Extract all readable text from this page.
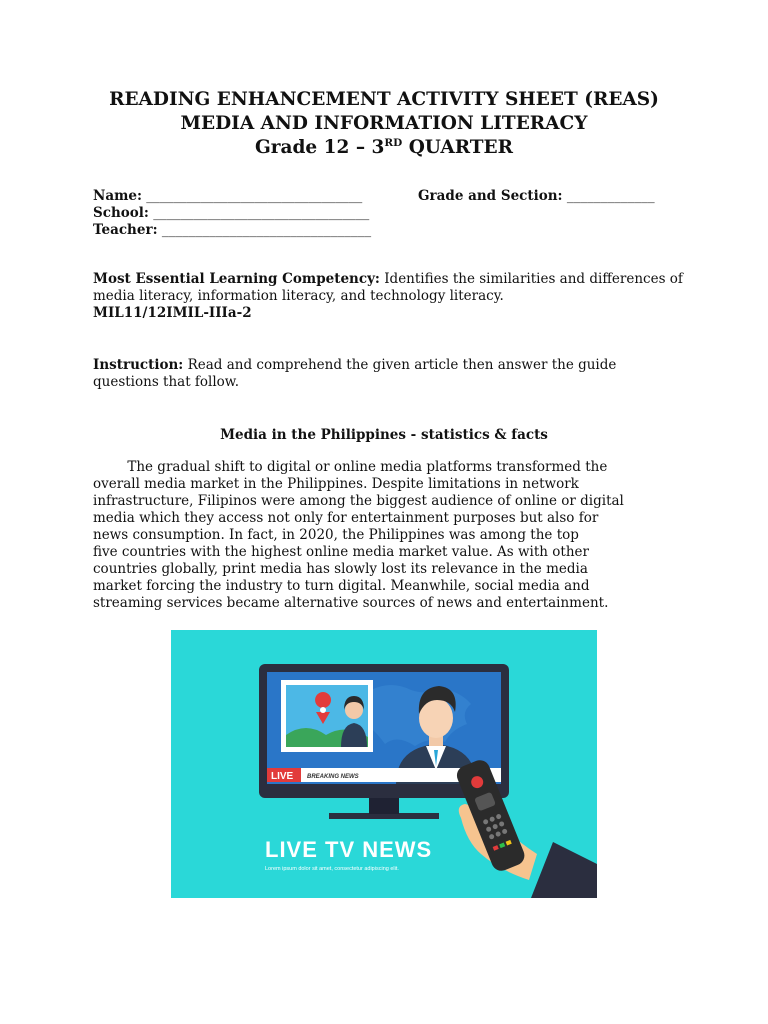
READING ENHANCEMENT ACTIVITY SHEET (REAS)
MEDIA AND INFORMATION LITERACY
Grade 12 – 3RD QUARTER
Name: ________________________________	Grade and Section: _____________
School: ________________________________
Teacher: _______________________________
Most Essential Learning Competency: Identifies the similarities and differences of media literacy, information literacy, and technology literacy.
MIL11/12IMIL-IIIa-2
Instruction: Read and comprehend the given article then answer the guide questions that follow.
Media in the Philippines - statistics & facts
The gradual shift to digital or online media platforms transformed the
overall media market in the Philippines. Despite limitations in network
infrastructure, Filipinos were among the biggest audience of online or digital
media which they access not only for entertainment purposes but also for
news consumption. In fact, in 2020, the Philippines was among the top
five countries with the highest online media market value. As with other
countries globally, print media has slowly lost its relevance in the media
market forcing the industry to turn digital. Meanwhile, social media and
streaming services became alternative sources of news and entertainment.
LIVE BREAKING NEWS
LIVE TV NEWS
Lorem ipsum dolor sit amet, consectetur adipiscing elit.
